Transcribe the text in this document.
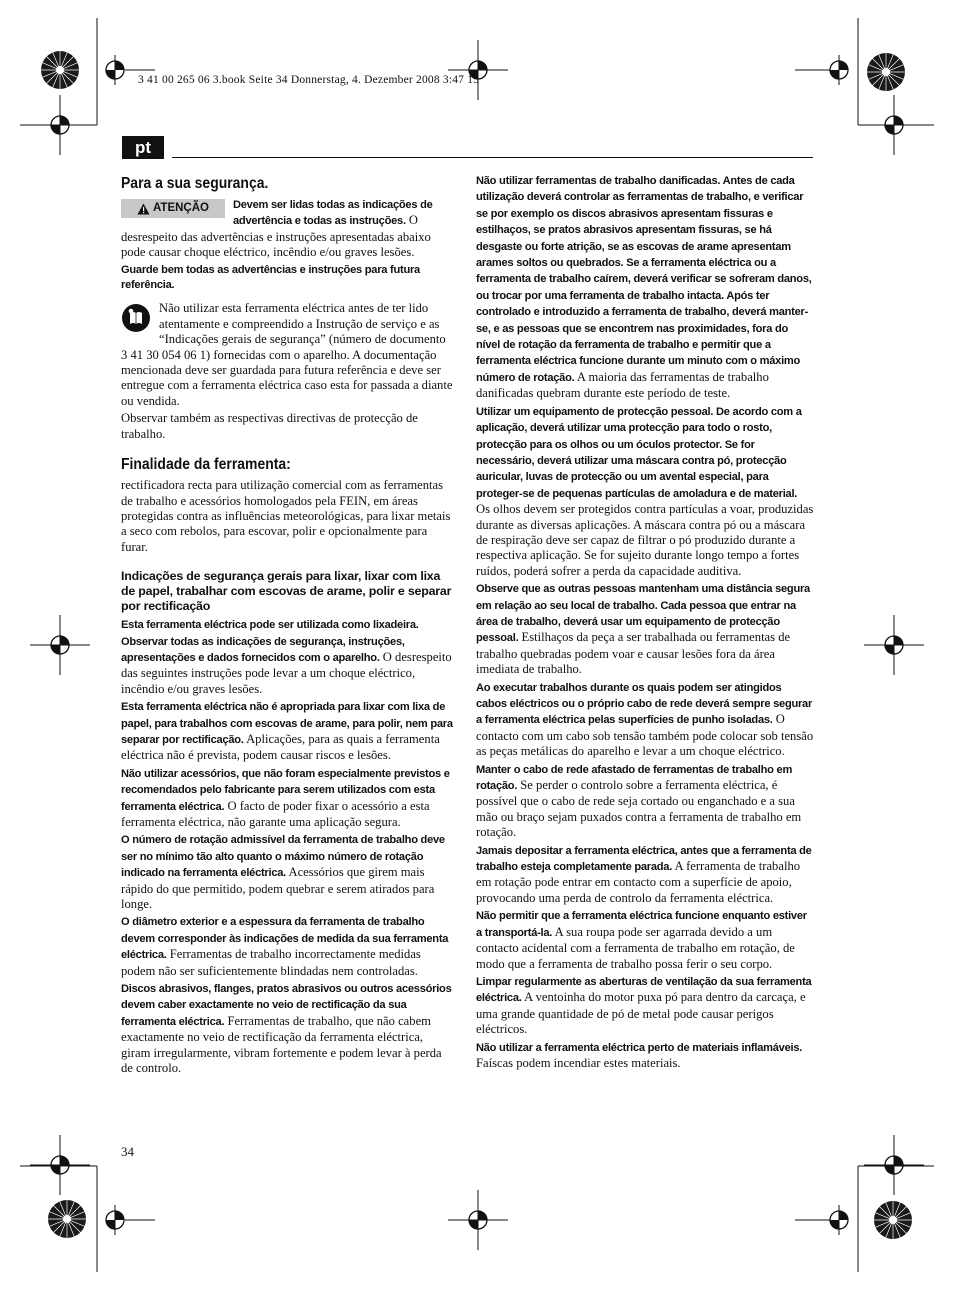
3 41 00 265 06 3.book Seite 34 Donnerstag, 4. Dezember 2008 3:47 15
pt
Para a sua segurança.
ATENÇÃO	Devem ser lidas todas as indicações de advertência e todas as instruções. O desrespeito das advertências e instruções apresentadas abaixo pode causar choque eléctrico, incêndio e/ou graves lesões.

Guarde bem todas as advertências e instruções para futura referência.

Não utilizar esta ferramenta eléctrica antes de ter lido atentamente e compreendido a Instrução de serviço e as “Indicações gerais de segurança” (número de documento 3 41 30 054 06 1) fornecidas com o aparelho. A documentação mencionada deve ser guardada para futura referência e deve ser entregue com a ferramenta eléctrica caso esta for passada a diante ou vendida.

Observar também as respectivas directivas de protecção de trabalho.

Finalidade da ferramenta:

rectificadora recta para utilização comercial com as ferramentas de trabalho e acessórios homologados pela FEIN, em áreas protegidas contra as influências meteorológicas, para lixar metais a seco com rebolos, para escovar, polir e opcionalmente para furar.

Indicações de segurança gerais para lixar, lixar com lixa de papel, trabalhar com escovas de arame, polir e separar por rectificação

Esta ferramenta eléctrica pode ser utilizada como lixadeira. Observar todas as indicações de segurança, instruções, apresentações e dados fornecidos com o aparelho. O desrespeito das seguintes instruções pode levar a um choque eléctrico, incêndio e/ou graves lesões.

Esta ferramenta eléctrica não é apropriada para lixar com lixa de papel, para trabalhos com escovas de arame, para polir, nem para separar por rectificação. Aplicações, para as quais a ferramenta eléctrica não é prevista, podem causar riscos e lesões.

Não utilizar acessórios, que não foram especialmente previstos e recomendados pelo fabricante para serem utilizados com esta ferramenta eléctrica. O facto de poder fixar o acessório a esta ferramenta eléctrica, não garante uma aplicação segura.

O número de rotação admissível da ferramenta de trabalho deve ser no mínimo tão alto quanto o máximo número de rotação indicado na ferramenta eléctrica. Acessórios que girem mais rápido do que permitido, podem quebrar e serem atirados para longe.

O diâmetro exterior e a espessura da ferramenta de trabalho devem corresponder às indicações de medida da sua ferramenta eléctrica. Ferramentas de trabalho incorrectamente medidas podem não ser suficientemente blindadas nem controladas.

Discos abrasivos, flanges, pratos abrasivos ou outros acessórios devem caber exactamente no veio de rectificação da sua ferramenta eléctrica. Ferramentas de trabalho, que não cabem exactamente no veio de rectificação da ferramenta eléctrica, giram irregularmente, vibram fortemente e podem levar à perda de controlo.

Não utilizar ferramentas de trabalho danificadas. Antes de cada utilização deverá controlar as ferramentas de trabalho, e verificar se por exemplo os discos abrasivos apresentam fissuras e estilhaços, se pratos abrasivos apresentam fissuras, se há desgaste ou forte atrição, se as escovas de arame apresentam arames soltos ou quebrados. Se a ferramenta eléctrica ou a ferramenta de trabalho caírem, deverá verificar se sofreram danos, ou trocar por uma ferramenta de trabalho intacta. Após ter controlado e introduzido a ferramenta de trabalho, deverá manter-se, e as pessoas que se encontrem nas proximidades, fora do nível de rotação da ferramenta de trabalho e permitir que a ferramenta eléctrica funcione durante um minuto com o máximo número de rotação. A maioria das ferramentas de trabalho danificadas quebram durante este período de teste.

Utilizar um equipamento de protecção pessoal. De acordo com a aplicação, deverá utilizar uma protecção para todo o rosto, protecção para os olhos ou um óculos protector. Se for necessário, deverá utilizar uma máscara contra pó, protecção auricular, luvas de protecção ou um avental especial, para proteger-se de pequenas partículas de amoladura e de material. Os olhos devem ser protegidos contra partículas a voar, produzidas durante as diversas aplicações. A máscara contra pó ou a máscara de respiração deve ser capaz de filtrar o pó produzido durante a respectiva aplicação. Se for sujeito durante longo tempo a fortes ruídos, poderá sofrer a perda da capacidade auditiva.

Observe que as outras pessoas mantenham uma distância segura em relação ao seu local de trabalho. Cada pessoa que entrar na área de trabalho, deverá usar um equipamento de protecção pessoal. Estilhaços da peça a ser trabalhada ou ferramentas de trabalho quebradas podem voar e causar lesões fora da área imediata de trabalho.

Ao executar trabalhos durante os quais podem ser atingidos cabos eléctricos ou o próprio cabo de rede deverá sempre segurar a ferramenta eléctrica pelas superfícies de punho isoladas. O contacto com um cabo sob tensão também pode colocar sob tensão as peças metálicas do aparelho e levar a um choque eléctrico.

Manter o cabo de rede afastado de ferramentas de trabalho em rotação. Se perder o controlo sobre a ferramenta eléctrica, é possível que o cabo de rede seja cortado ou enganchado e a sua mão ou braço sejam puxados contra a ferramenta de trabalho em rotação.

Jamais depositar a ferramenta eléctrica, antes que a ferramenta de trabalho esteja completamente parada. A ferramenta de trabalho em rotação pode entrar em contacto com a superfície de apoio, provocando uma perda de controlo da ferramenta eléctrica.

Não permitir que a ferramenta eléctrica funcione enquanto estiver a transportá-la. A sua roupa pode ser agarrada devido a um contacto acidental com a ferramenta de trabalho em rotação, de modo que a ferramenta de trabalho possa ferir o seu corpo.

Limpar regularmente as aberturas de ventilação da sua ferramenta eléctrica. A ventoinha do motor puxa pó para dentro da carcaça, e uma grande quantidade de pó de metal pode causar perigos eléctricos.

Não utilizar a ferramenta eléctrica perto de materiais inflamáveis. Faíscas podem incendiar estes materiais.

34
